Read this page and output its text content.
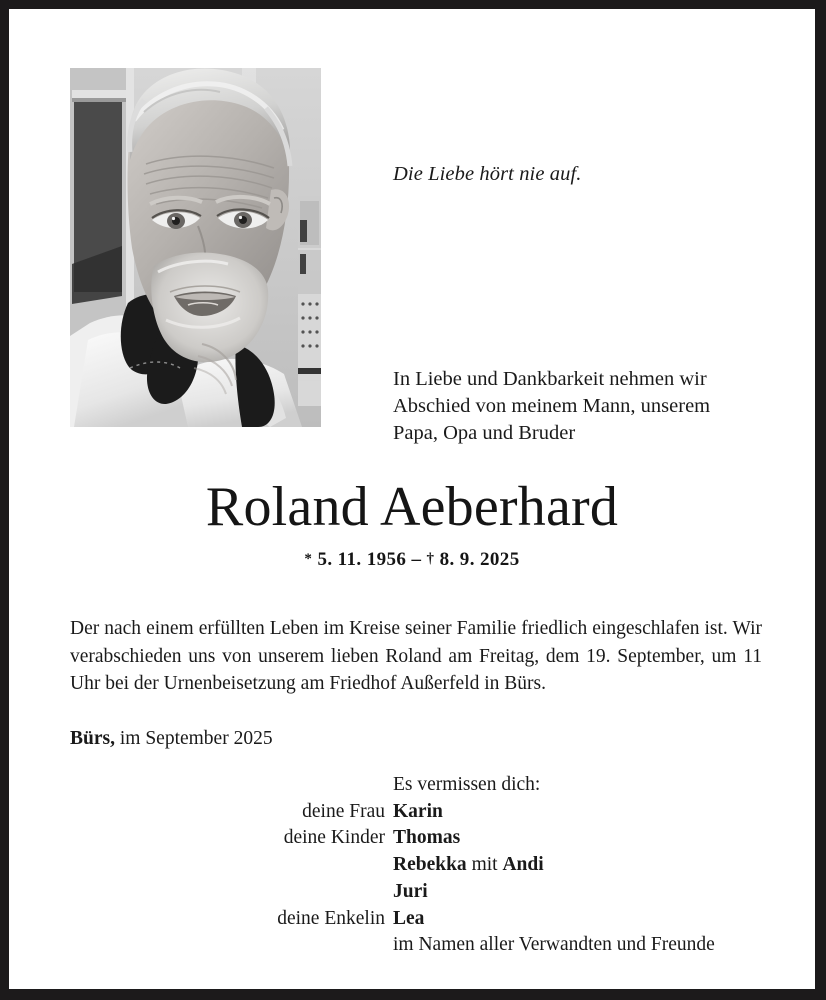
Die Liebe hört nie auf.
In Liebe und Dankbarkeit nehmen wir
Abschied von meinem Mann, unserem
Papa, Opa und Bruder
Roland Aeberhard
* 5. 11. 1956 – † 8. 9. 2025
Der nach einem erfüllten Leben im Kreise seiner Familie friedlich eingeschlafen ist. Wir verabschieden uns von unserem lieben Roland am Freitag, dem 19. September, um 11 Uhr bei der Urnenbeisetzung am Friedhof Außerfeld in Bürs.
Bürs, im September 2025
Es vermissen dich:
deine Frau Karin
deine Kinder Thomas
Rebekka mit Andi
Juri
deine Enkelin Lea
im Namen aller Verwandten und Freunde
